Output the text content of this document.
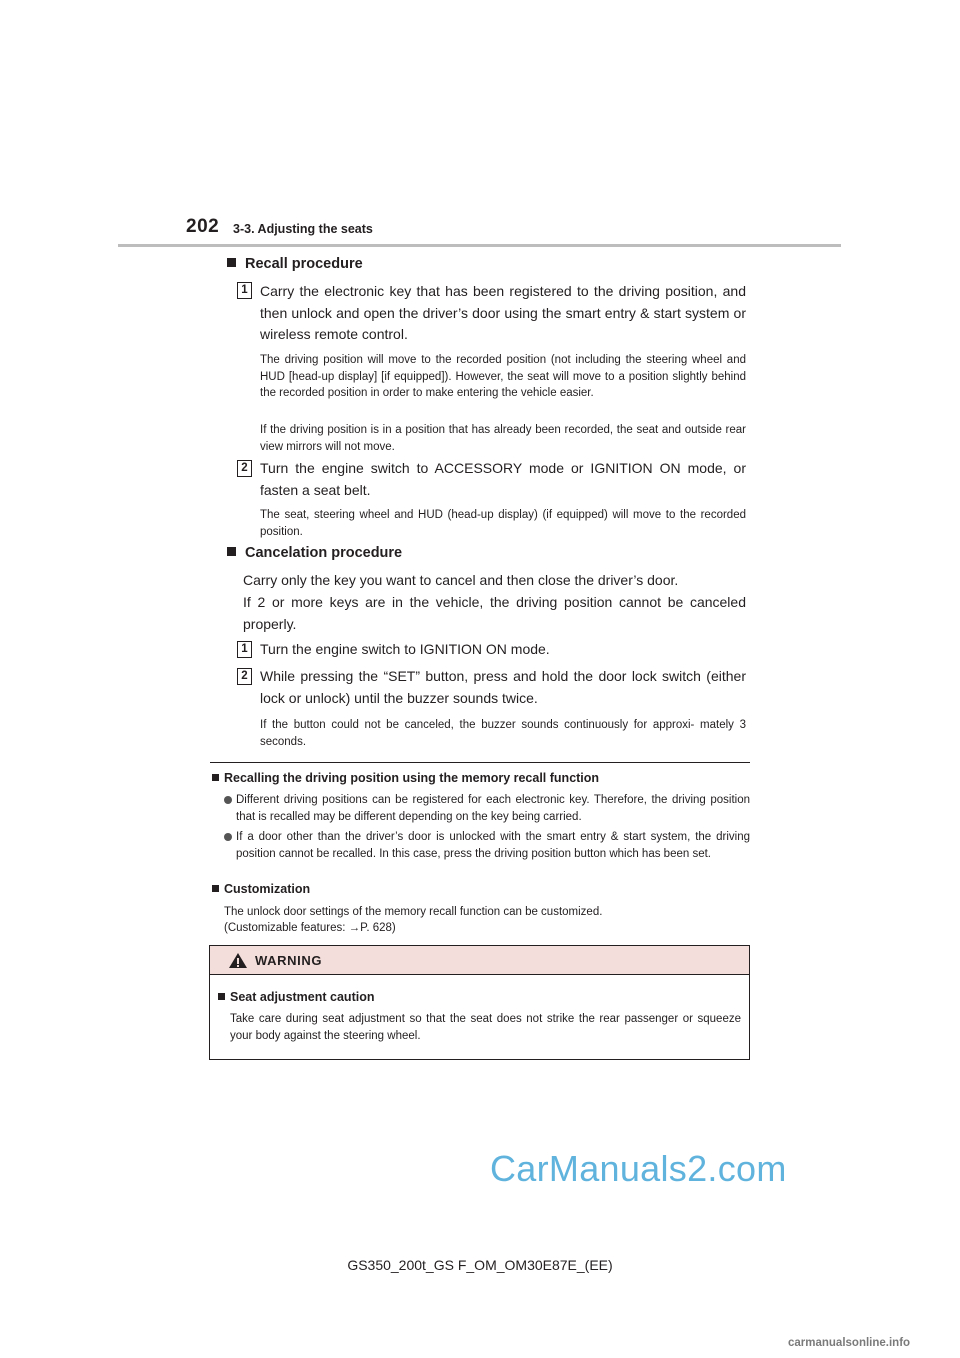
202 3-3. Adjusting the seats
Recall procedure
1 Carry the electronic key that has been registered to the driving position, and then unlock and open the driver’s door using the smart entry & start system or wireless remote control.
The driving position will move to the recorded position (not including the steering wheel and HUD [head-up display] [if equipped]). However, the seat will move to a position slightly behind the recorded position in order to make entering the vehicle easier.
If the driving position is in a position that has already been recorded, the seat and outside rear view mirrors will not move.
2 Turn the engine switch to ACCESSORY mode or IGNITION ON mode, or fasten a seat belt.
The seat, steering wheel and HUD (head-up display) (if equipped) will move to the recorded position.
Cancelation procedure
Carry only the key you want to cancel and then close the driver’s door.
If 2 or more keys are in the vehicle, the driving position cannot be canceled properly.
1 Turn the engine switch to IGNITION ON mode.
2 While pressing the “SET” button, press and hold the door lock switch (either lock or unlock) until the buzzer sounds twice.
If the button could not be canceled, the buzzer sounds continuously for approxi- mately 3 seconds.
Recalling the driving position using the memory recall function
Different driving positions can be registered for each electronic key. Therefore, the driving position that is recalled may be different depending on the key being carried.
If a door other than the driver’s door is unlocked with the smart entry & start system, the driving position cannot be recalled. In this case, press the driving position button which has been set.
Customization
The unlock door settings of the memory recall function can be customized.
(Customizable features: →P. 628)
WARNING
Seat adjustment caution
Take care during seat adjustment so that the seat does not strike the rear passenger or squeeze your body against the steering wheel.
CarManuals2.com
GS350_200t_GS F_OM_OM30E87E_(EE)
carmanualsonline.info
